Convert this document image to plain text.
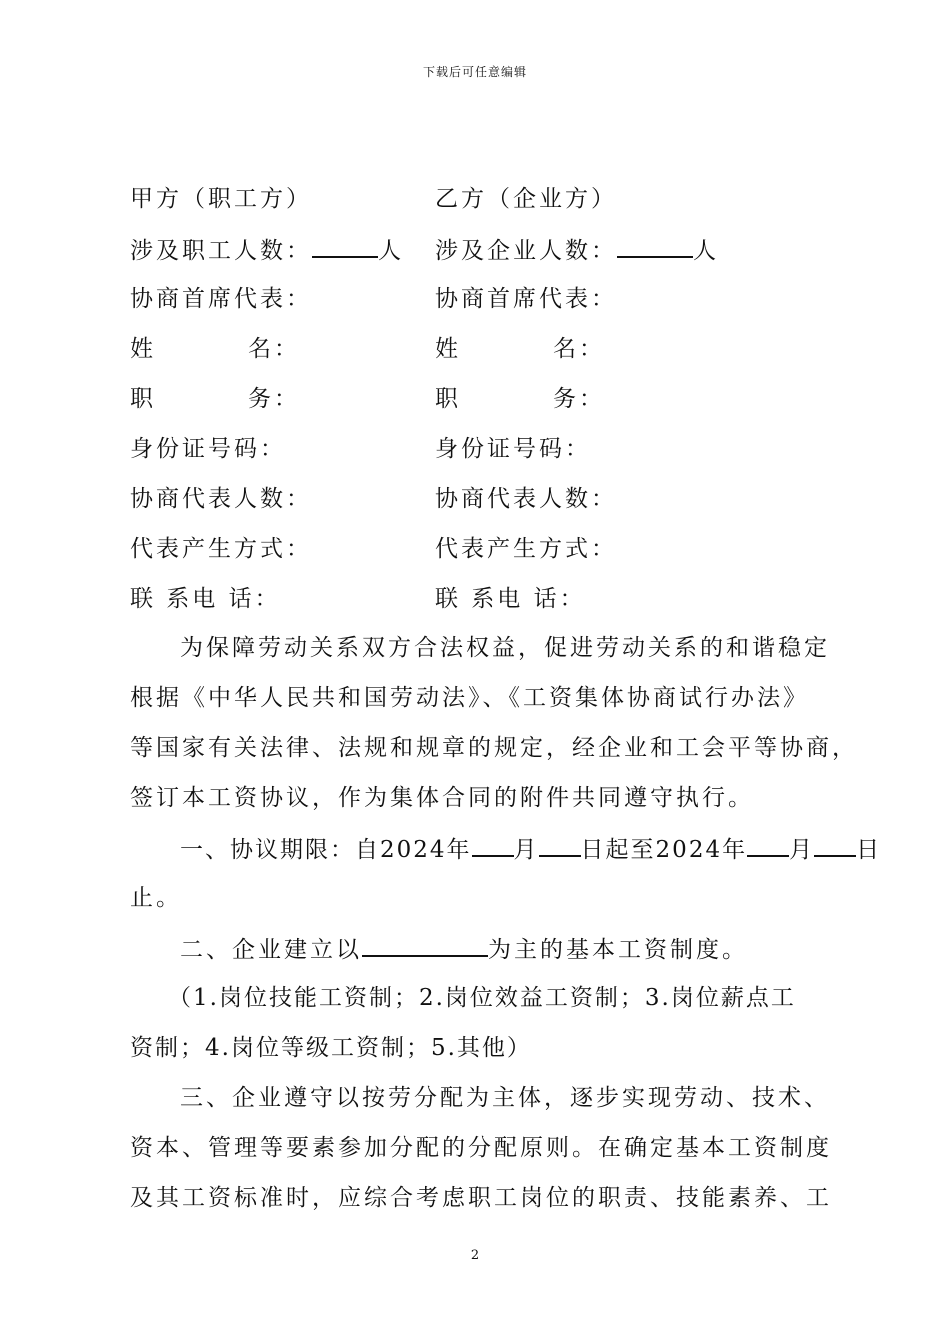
下载后可任意编辑
甲方（职工方）	乙方（企业方）
涉及职工人数：	人 涉及企业人数：	人
协商首席代表：	协商首席代表：
姓	名：	姓	名：
职	务：	职	务：
身份证号码：	身份证号码：
协商代表人数：	协商代表人数：
代表产生方式：	代表产生方式：
联 系电 话：	联 系电 话：
为保障劳动关系双方合法权益，促进劳动关系的和谐稳定
根据《中华人民共和国劳动法》、《工资集体协商试行办法》
等国家有关法律、法规和规章的规定，经企业和工会平等协商，
签订本工资协议，作为集体合同的附件共同遵守执行。
一、协议期限：自2024年 月 日起至2024年 月 日
止。
二、企业建立以	为主的基本工资制度。
（1.岗位技能工资制；2.岗位效益工资制；3.岗位薪点工
资制；4.岗位等级工资制；5.其他）
三、企业遵守以按劳分配为主体，逐步实现劳动、技术、
资本、管理等要素参加分配的分配原则。在确定基本工资制度
及其工资标准时，应综合考虑职工岗位的职责、技能素养、工
2
